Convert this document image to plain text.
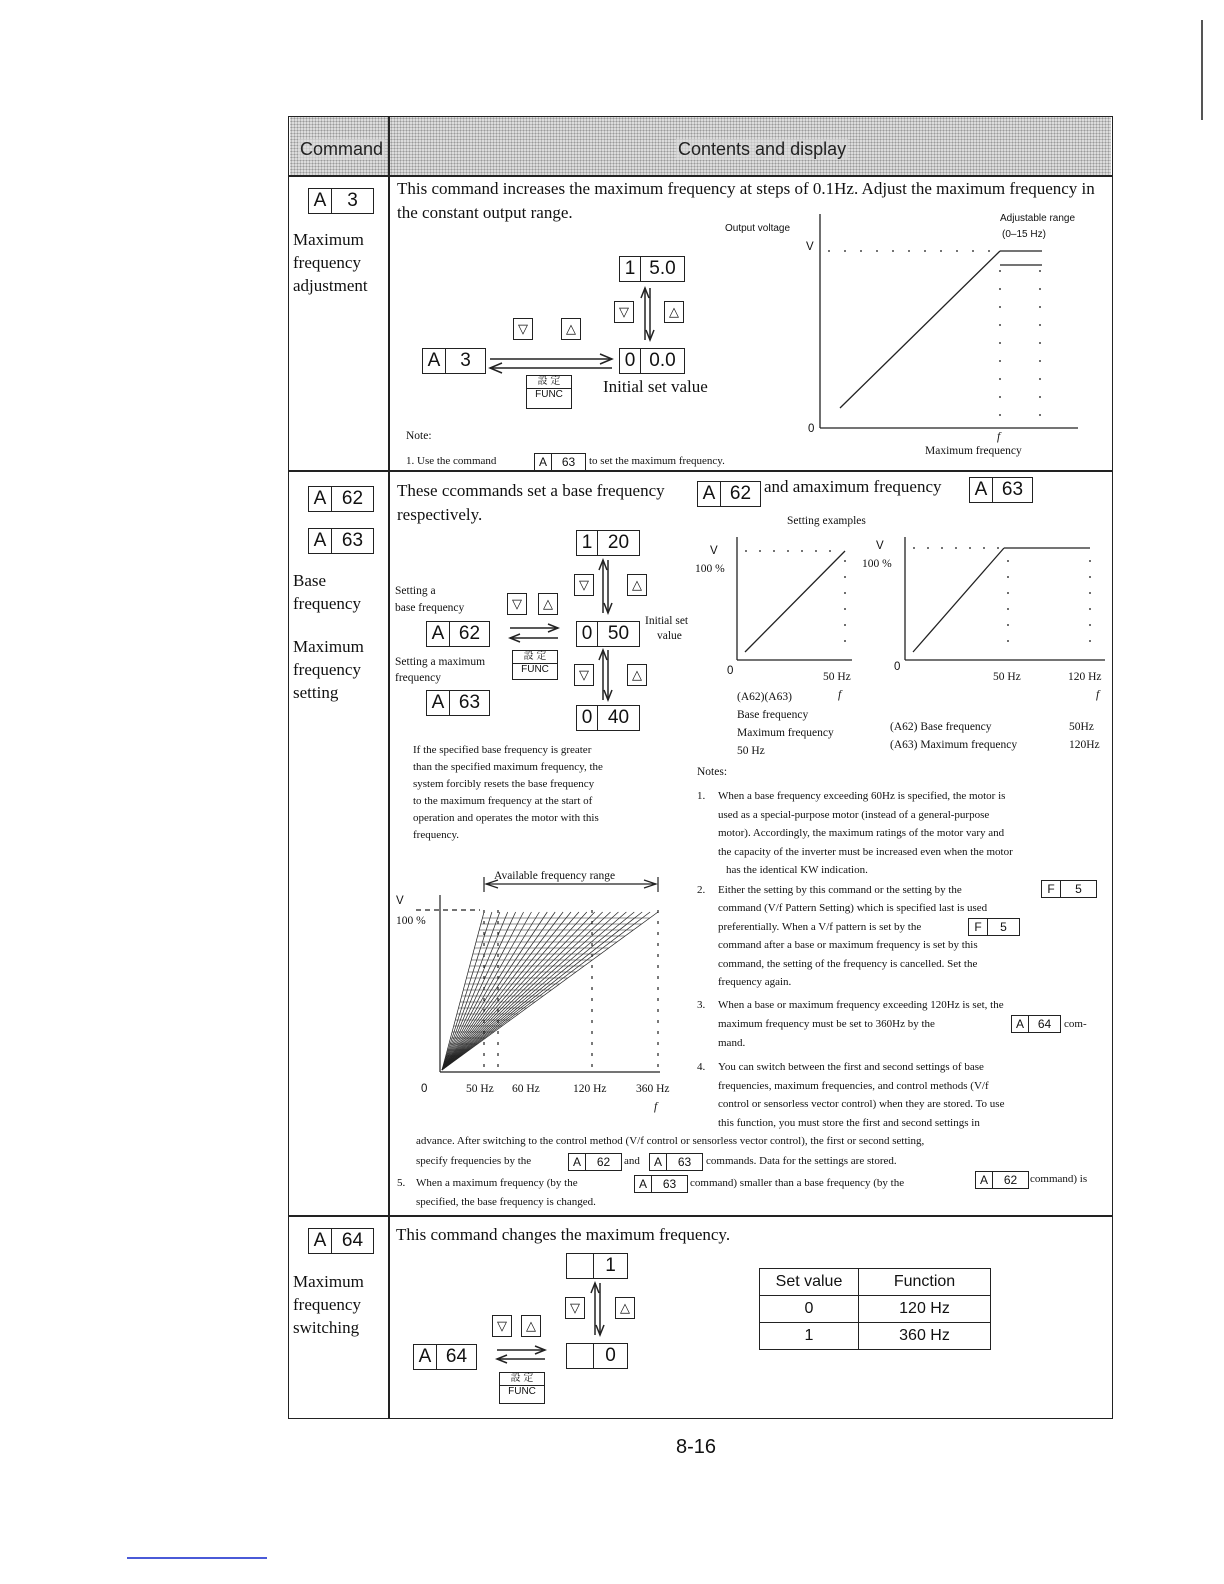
Command	Contents and display
A	3
Maximum
frequency
adjustment
This command increases the maximum frequency at steps of 0.1Hz. Adjust the maximum frequency in the constant output range.
1 5.0
▽	△
▽	△
A	3	0 0.0
設 定
FUNC	Initial set value
Output voltage
V
Adjustable range
(0–15 Hz)
0
f
Maximum frequency
Note:
1. Use the command	A	63	to set the maximum frequency.
A 62
A 63
Base
frequency
Maximum
frequency
setting
These ccommands set a base frequency A 62 and amaximum frequency A 63
respectively.
1 20
Setting a
base frequency	▽ △
▽	△
A 62	0 50
Initial set
value
Setting a maximum
frequency
設 定
FUNC	▽	△
A 63
0 40
Setting examples
V
100 %
0	50 Hz
f
(A62)(A63)
Base frequency
Maximum frequency
50 Hz
V
100 %
0
50 Hz	120 Hz
f
(A62) Base frequency
(A63) Maximum frequency
50Hz
120Hz
If the specified base frequency is greater
than the specified maximum frequency, the
system forcibly resets the base frequency
to the maximum frequency at the start of
operation and operates the motor with this
frequency.
Available frequency range
V
100 %
0	50 Hz 60 Hz	120 Hz	360 Hz
f
Notes:
1. When a base frequency exceeding 60Hz is specified, the motor is
used as a special-purpose motor (instead of a general-purpose
motor). Accordingly, the maximum ratings of the motor vary and
the capacity of the inverter must be increased even when the motor
has the identical KW indication.
2. Either the setting by this command or the setting by the	F	5
command (V/f Pattern Setting) which is specified last is used
preferentially. When a V/f pattern is set by the	F	5
command after a base or maximum frequency is set by this
command, the setting of the frequency is cancelled. Set the
frequency again.
3. When a base or maximum frequency exceeding 120Hz is set, the
maximum frequency must be set to 360Hz by the	A	64	com-
mand.
4. You can switch between the first and second settings of base
frequencies, maximum frequencies, and control methods (V/f
control or sensorless vector control) when they are stored. To use
this function, you must store the first and second settings in
advance. After switching to the control method (V/f control or sensorless vector control), the first or second setting,
specify frequencies by the	A	62	and	A	63	commands. Data for the settings are stored.
5. When a maximum frequency (by the	A	63	command) smaller than a base frequency (by the	A	62	command) is
specified, the base frequency is changed.
A 64
Maximum
frequency
switching
This command changes the maximum frequency.
1
▽	△
▽ △
A 64	0
設 定
FUNC
Set value	Function
0	120 Hz
1	360 Hz
8-16
